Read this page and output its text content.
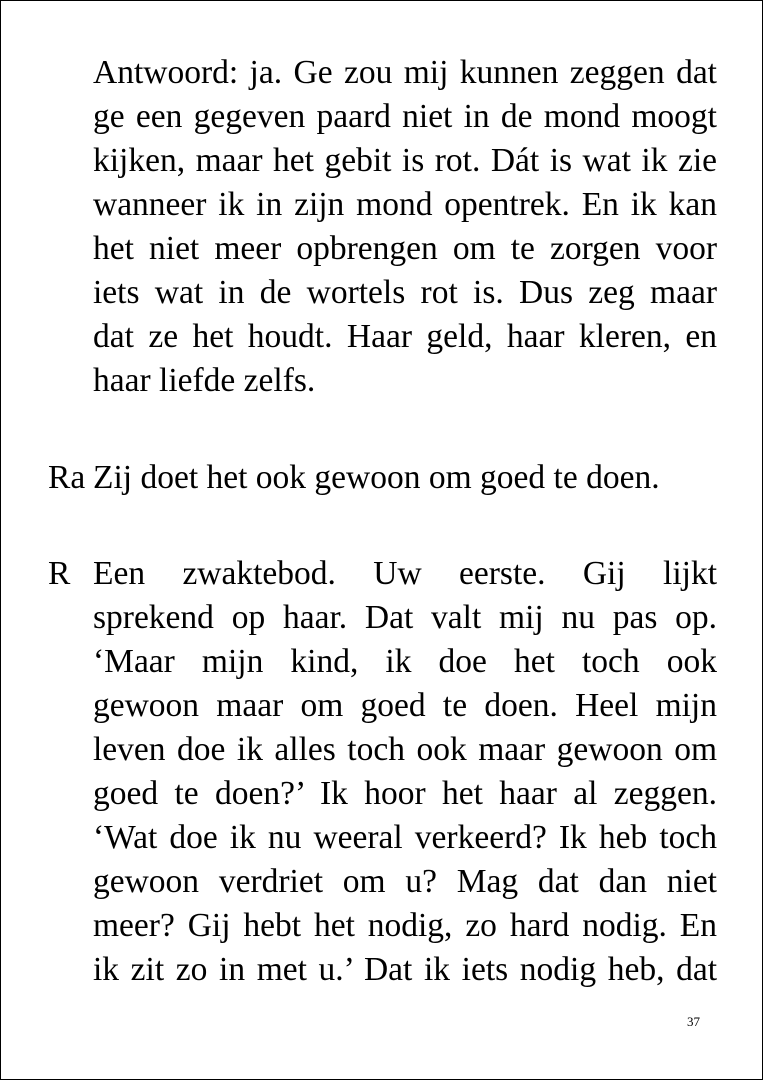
Antwoord: ja. Ge zou mij kunnen zeggen dat
ge een gegeven paard niet in de mond moogt
kijken, maar het gebit is rot. Dát is wat ik zie
wanneer ik in zijn mond opentrek. En ik kan
het niet meer opbrengen om te zorgen voor
iets wat in de wortels rot is. Dus zeg maar
dat ze het houdt. Haar geld, haar kleren, en
haar liefde zelfs.
Ra Zij doet het ook gewoon om goed te doen.
R Een zwaktebod. Uw eerste. Gij lijkt
sprekend op haar. Dat valt mij nu pas op.
‘Maar mijn kind, ik doe het toch ook
gewoon maar om goed te doen. Heel mijn
leven doe ik alles toch ook maar gewoon om
goed te doen?’ Ik hoor het haar al zeggen.
‘Wat doe ik nu weeral verkeerd? Ik heb toch
gewoon verdriet om u? Mag dat dan niet
meer? Gij hebt het nodig, zo hard nodig. En
ik zit zo in met u.’ Dat ik iets nodig heb, dat
37
